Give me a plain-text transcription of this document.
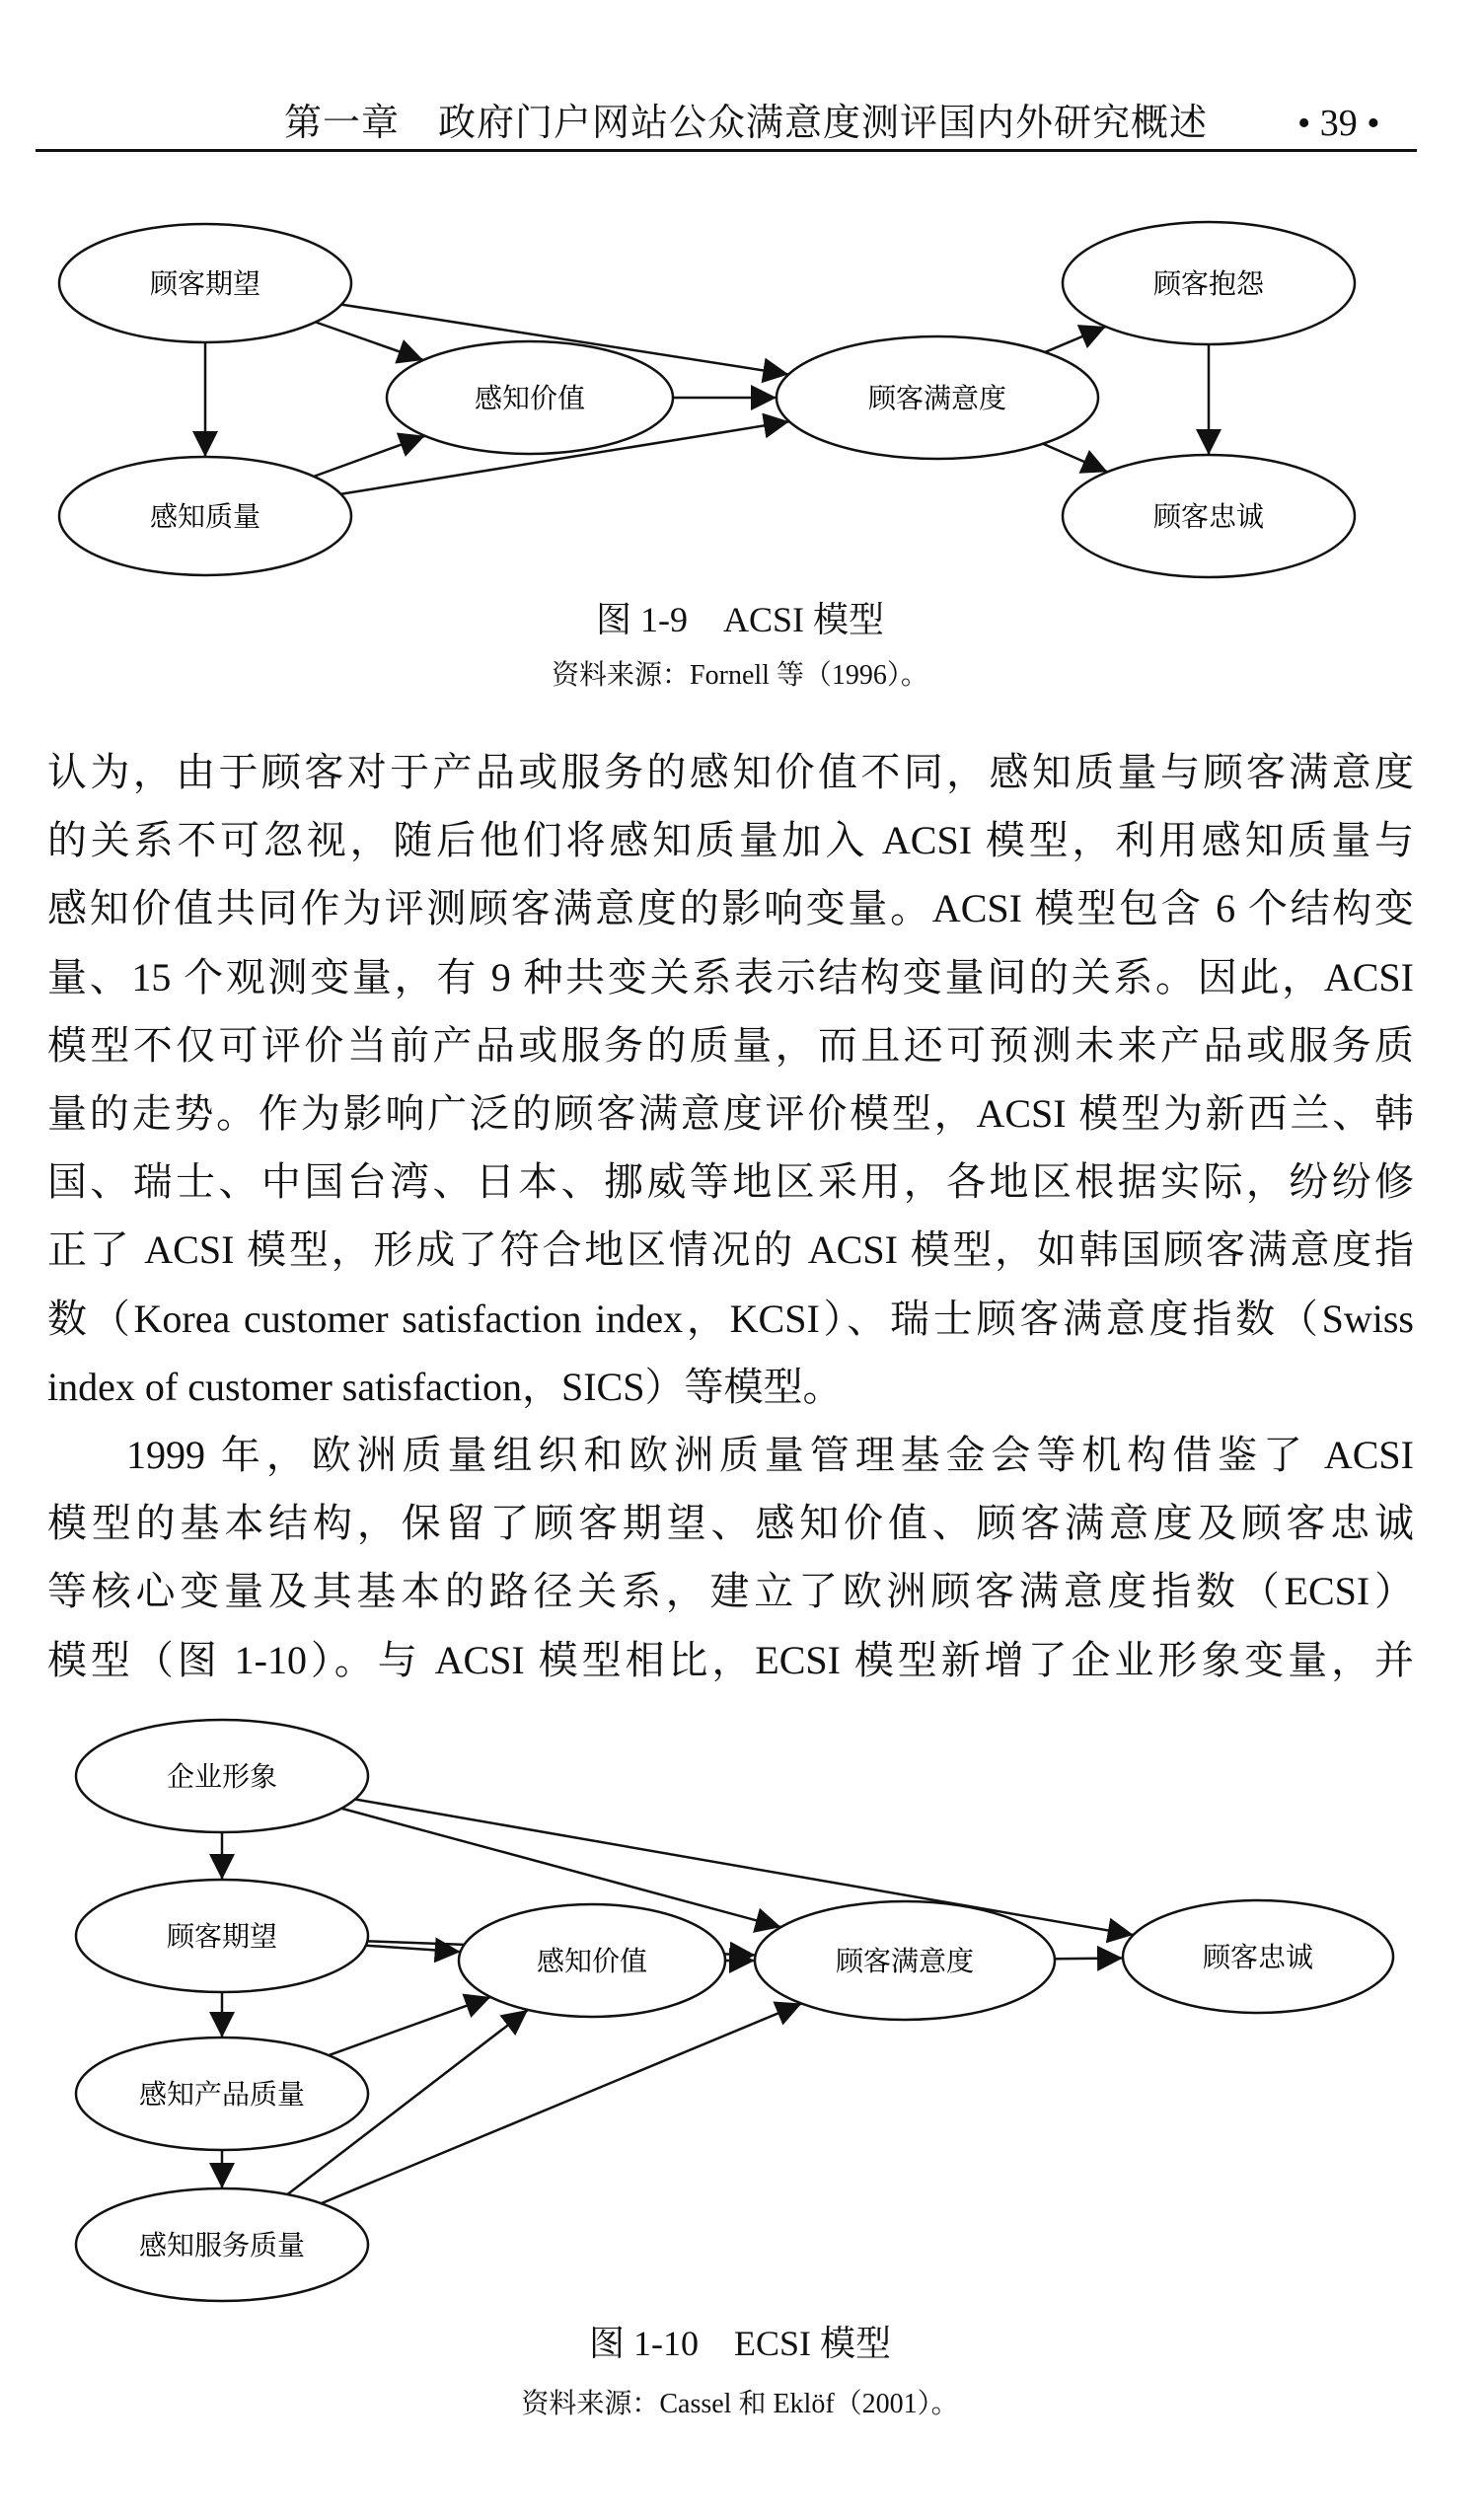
第一章　政府门户网站公众满意度测评国内外研究概述 • 39 •
顾客期望
感知质量
感知价值	顾客满意度
顾客抱怨
顾客忠诚
图 1-9　ACSI 模型
资料来源：Fornell 等（1996）。
认为，由于顾客对于产品或服务的感知价值不同，感知质量与顾客满意度
的关系不可忽视，随后他们将感知质量加入 ACSI 模型，利用感知质量与
感知价值共同作为评测顾客满意度的影响变量。ACSI 模型包含 6 个结构变
量、15 个观测变量，有 9 种共变关系表示结构变量间的关系。因此，ACSI
模型不仅可评价当前产品或服务的质量，而且还可预测未来产品或服务质
量的走势。作为影响广泛的顾客满意度评价模型，ACSI 模型为新西兰、韩
国、瑞士、中国台湾、日本、挪威等地区采用，各地区根据实际，纷纷修
正了 ACSI 模型，形成了符合地区情况的 ACSI 模型，如韩国顾客满意度指
数（Korea customer satisfaction index，KCSI）、瑞士顾客满意度指数（Swiss
index of customer satisfaction，SICS）等模型。
1999 年，欧洲质量组织和欧洲质量管理基金会等机构借鉴了 ACSI
模型的基本结构，保留了顾客期望、感知价值、顾客满意度及顾客忠诚
等核心变量及其基本的路径关系，建立了欧洲顾客满意度指数（ECSI）
模型（图 1-10）。与 ACSI 模型相比，ECSI 模型新增了企业形象变量，并
企业形象
顾客期望
感知产品质量
感知服务质量
感知价值	顾客满意度	顾客忠诚
图 1-10　ECSI 模型
资料来源：Cassel 和 Eklöf（2001）。
